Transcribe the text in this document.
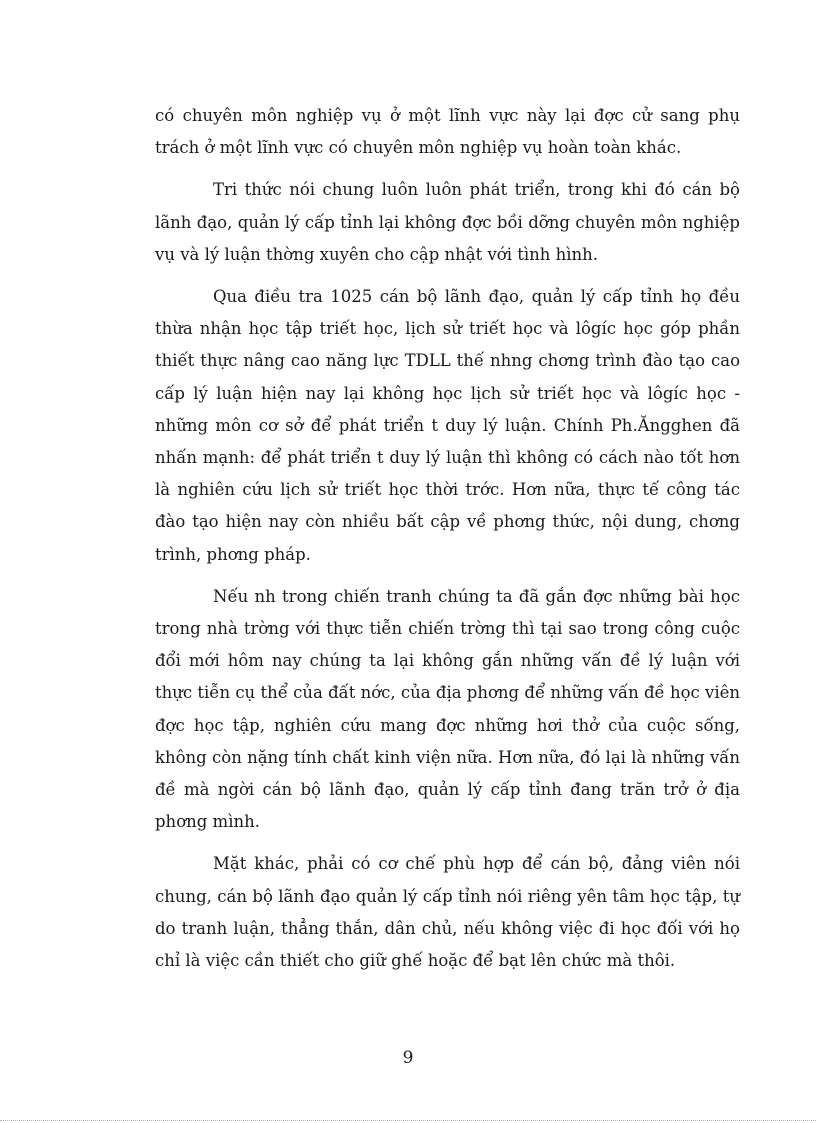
có chuyên môn nghiệp vụ ở một lĩnh vực này lại đợc cử sang phụ trách ở một lĩnh vực có chuyên môn nghiệp vụ hoàn toàn khác.

Tri thức nói chung luôn luôn phát triển, trong khi đó cán bộ lãnh đạo, quản lý cấp tỉnh lại không đợc bồi dỡng chuyên môn nghiệp vụ và lý luận thờng xuyên cho cập nhật với tình hình.

Qua điều tra 1025 cán bộ lãnh đạo, quản lý cấp tỉnh họ đều thừa nhận học tập triết học, lịch sử triết học và lôgíc học góp phần thiết thực nâng cao năng lực TDLL thế nhng chơng trình đào tạo cao cấp lý luận hiện nay lại không học lịch sử triết học và lôgíc học - những môn cơ sở để phát triển t duy lý luận. Chính Ph.Ăngghen đã nhấn mạnh: để phát triển t duy lý luận thì không có cách nào tốt hơn là nghiên cứu lịch sử triết học thời trớc. Hơn nữa, thực tế công tác đào tạo hiện nay còn nhiều bất cập về phơng thức, nội dung, chơng trình, phơng pháp.

Nếu nh trong chiến tranh chúng ta đã gắn đợc những bài học trong nhà trờng với thực tiễn chiến trờng thì tại sao trong công cuộc đổi mới hôm nay chúng ta lại không gắn những vấn đề lý luận với thực tiễn cụ thể của đất nớc, của địa phơng để những vấn đề học viên đợc học tập, nghiên cứu mang đợc những hơi thở của cuộc sống, không còn nặng tính chất kinh viện nữa. Hơn nữa, đó lại là những vấn đề mà ngời cán bộ lãnh đạo, quản lý cấp tỉnh đang trăn trở ở địa phơng mình.

Mặt khác, phải có cơ chế phù hợp để cán bộ, đảng viên nói chung, cán bộ lãnh đạo quản lý cấp tỉnh nói riêng yên tâm học tập, tự do tranh luận, thẳng thắn, dân chủ, nếu không việc đi học đối với họ chỉ là việc cần thiết cho giữ ghế hoặc để bạt lên chức mà thôi.

9
